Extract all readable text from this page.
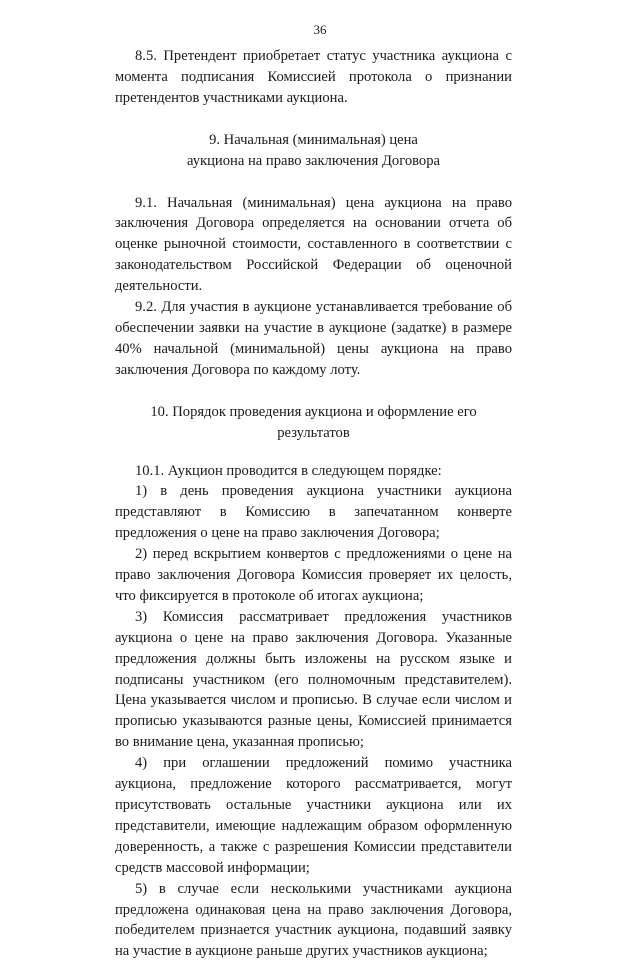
36

8.5. Претендент приобретает статус участника аукциона с момента подписания Комиссией протокола о признании претендентов участниками аукциона.

9. Начальная (минимальная) цена

аукциона на право заключения Договора

9.1. Начальная (минимальная) цена аукциона на право заключения Договора определяется на основании отчета об оценке рыночной стоимости, составленного в соответствии с законодательством Российской Федерации об оценочной деятельности.

9.2. Для участия в аукционе устанавливается требование об обеспечении заявки на участие в аукционе (задатке) в размере 40% начальной (минимальной) цены аукциона на право заключения Договора по каждому лоту.

10. Порядок проведения аукциона и оформление его результатов

10.1. Аукцион проводится в следующем порядке:

1) в день проведения аукциона участники аукциона представляют в Комиссию в запечатанном конверте предложения о цене на право заключения Договора;

2) перед вскрытием конвертов с предложениями о цене на право заключения Договора Комиссия проверяет их целость, что фиксируется в протоколе об итогах аукциона;

3) Комиссия рассматривает предложения участников аукциона о цене на право заключения Договора. Указанные предложения должны быть изложены на русском языке и подписаны участником (его полномочным представителем). Цена указывается числом и прописью. В случае если числом и прописью указываются разные цены, Комиссией принимается во внимание цена, указанная прописью;

4) при оглашении предложений помимо участника аукциона, предложение которого рассматривается, могут присутствовать остальные участники аукциона или их представители, имеющие надлежащим образом оформленную доверенность, а также с разрешения Комиссии представители средств массовой информации;

5) в случае если несколькими участниками аукциона предложена одинаковая цена на право заключения Договора, победителем признается участник аукциона, подавший заявку на участие в аукционе раньше других участников аукциона;
